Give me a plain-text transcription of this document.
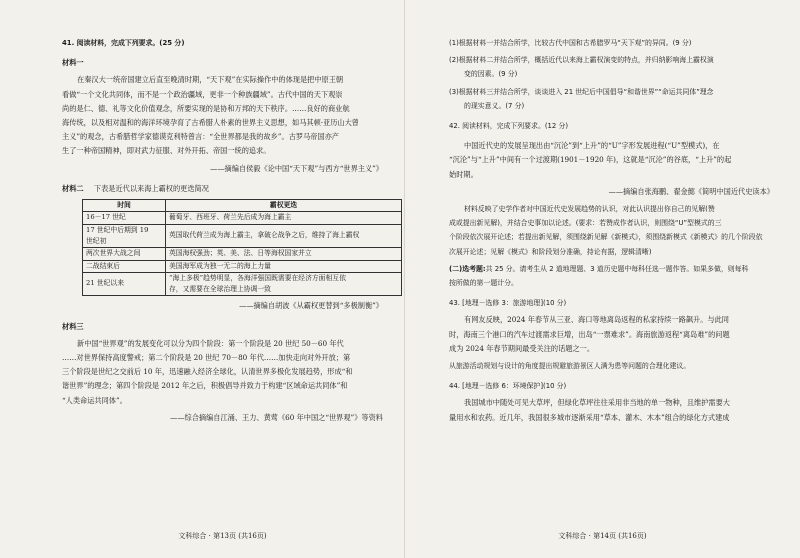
41. 阅读材料，完成下列要求。(25 分)
材料一
在秦汉大一统帝国建立后直至晚清时期，“天下观”在实际操作中的体现是把中原王朝
看做“一个文化共同体，而不是一个政治疆域，更非一个种族疆域”。古代中国的天下观崇
尚的是仁、德、礼等文化价值观念，所要实现的是协和万邦的天下秩序。……良好的商业航
海传统，以及相对温和的海洋环境孕育了古希腊人朴素的世界主义思想，如马其顿·亚历山大曾
主义”的观念，古希腊哲学家德谟克利特曾言：“全世界都是我的故乡”。古罗马帝国亦产
生了一种帝国精神，即对武力征服、对外开拓、帝国一统的追求。
——摘编自侯毅《论中国“天下观”与西方“世界主义”》
材料二 下表是近代以来海上霸权的更迭简况
时间	霸权更迭
16－17 世纪	葡萄牙、西班牙、荷兰先后成为海上霸主

17 世纪中后期到 19
世纪初	英国取代荷兰成为海上霸主，拿破仑战争之后，维持了海上霸权
两次世界大战之间	英国海权强劲；英、美、法、日等海权国家并立
二战结束后	美国海军成为独一无二的海上力量
21 世纪以来	“海上多极”趋势明显，各海洋强国既需要在经济方面相互依
存，又需要在全球治理上协调一致
——摘编自胡波《从霸权更替到“多极制衡”》
材料三
新中国“世界观”的发展变化可以分为四个阶段：第一个阶段是 20 世纪 50－60 年代
……对世界保持高度警戒；第二个阶段是 20 世纪 70－80 年代……加快走向对外开放；第
三个阶段是世纪之交前后 10 年，迅速融入经济全球化，认清世界多极化发展趋势，形成“和
谐世界”的理念；第四个阶段是 2012 年之后，积极倡导并致力于构建“区域命运共同体”和
“人类命运共同体”。
——综合摘编自江涌、王力、黄莺《60 年中国之“世界观”》等资料
文科综合 · 第13页 (共16页)
(1)根据材料一并结合所学，比较古代中国和古希腊罗马“天下观”的异同。(9 分)
(2)根据材料二并结合所学，概括近代以来海上霸权演变的特点，并归纳影响海上霸权演
变的因素。(9 分)
(3)根据材料三并结合所学，谈谈进入 21 世纪后中国倡导“和谐世界”“命运共同体”理念
的现实意义。(7 分)
42. 阅读材料，完成下列要求。(12 分)
中国近代史的发展呈现出由“沉沦”到“上升”的“U”字形发展进程(“U”型模式)，在
“沉沦”与“上升”中间有一个过渡期(1901－1920 年)，这就是“沉沦”的谷底，“上升”的起
始时期。
——摘编自张海鹏、翟金懿《简明中国近代史读本》
材料反映了史学作者对中国近代史发展趋势的认识，对此认识提出你自己的见解(赞
成或提出新见解)，并结合史事加以论述。(要求：若赞成作者认识，则围绕“U”型模式的三
个阶段依次展开论述；若提出新见解，须围绕新见解《新模式》，须围绕新模式《新模式》的几个阶段依
次展开论述；见解《模式》和阶段划分准确，持论有据，逻辑清晰)
(二)选考题:共 25 分。请考生从 2 道地理题、3 道历史题中每科任选一题作答。如果多做，则每科
按所做的第一题计分。
43. [地理－选修 3：旅游地理](10 分)
有网友反映，2024 年春节从三亚、海口等地离岛返程的私家持续一路飙升。与此同
时，海南三个港口的汽车过渡需求巨增，出岛“一票难求”。海南旅游返程“离岛难”的问题
成为 2024 年春节期间最受关注的话题之一。
从旅游活动规划与设计的角度提出规避旅游景区人满为患等问题的合理化建议。
44. [地理－选修 6：环境保护](10 分)
我国城市中随处可见大草坪，但绿化草坪往往采用非当地的单一物种，且维护需要大
量用水和农药。近几年，我国很多城市逐渐采用“草本、灌木、木本”组合的绿化方式建成
文科综合 · 第14页 (共16页)
